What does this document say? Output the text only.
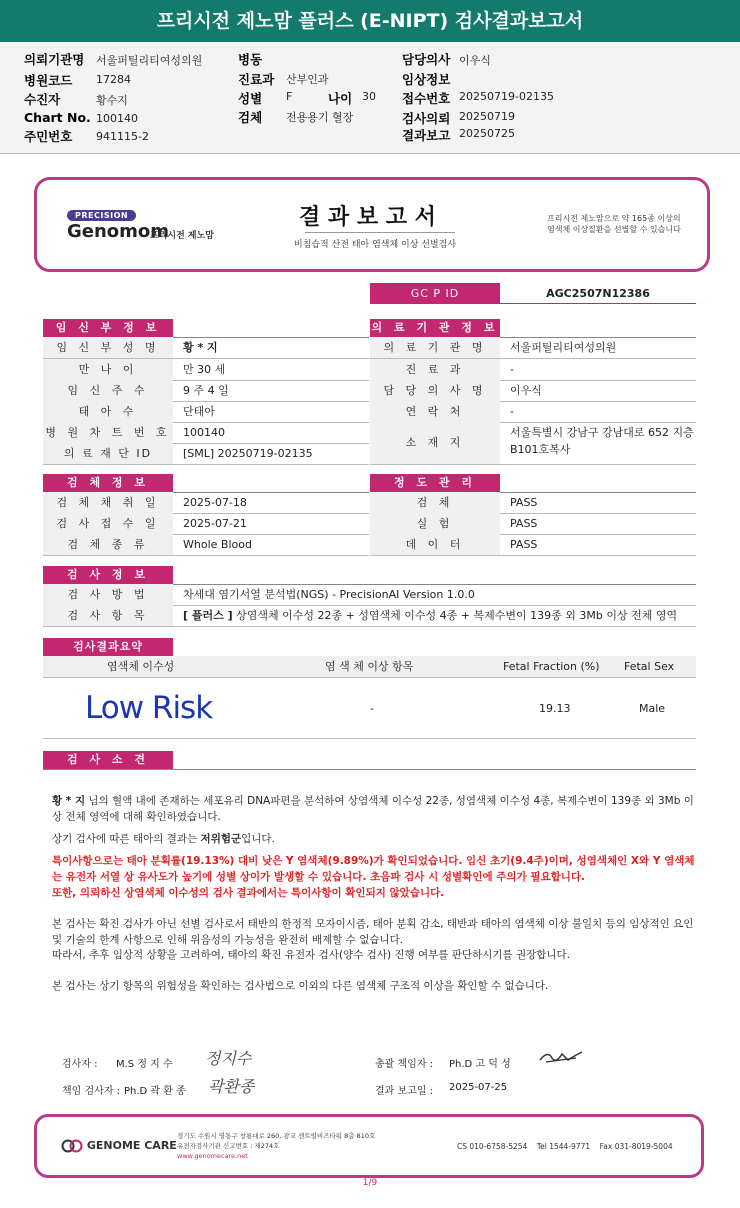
프리시전 제노맘 플러스 (E-NIPT) 검사결과보고서
의뢰기관명 서울퍼틸리티여성의원
병원코드 17284
수진자	황수지
Chart No. 100140
주민번호 941115-2
병동
진료과 산부인과
성별 F	나이 30
검체 전용용기 혈장
담당의사 이우식
임상정보
접수번호 20250719-02135
검사의뢰 20250719
결과보고 20250725
PRECISION
Genomom
프리시전 제노맘
결 과 보 고 서
비침습적 산전 태아 염색체 이상 선별검사
프리시전 제노맘으로 약 165종 이상의
염색체 이상질환을 선별할 수 있습니다
GC P ID	AGC2507N12386
임 신 부 정 보
임 신 부 성 명	황 * 지
만 나 이	만 30 세
임 신 주 수	9 주 4 일
태 아 수	단태아
병 원 차 트 번 호 100140
의 료 재 단 ID	[SML] 20250719-02135
의 료 기 관 정 보
의 료 기 관 명	서울퍼틸리티여성의원
진 료 과	-
담 당 의 사 명	이우식
연 락 처	-
소 재 지
서울특별시 강남구 강남대로 652 지층
B101호복사
검 체 정 보
검 체 채 취 일	2025-07-18
검 사 접 수 일	2025-07-21
검 체 종 류	Whole Blood
정 도 관 리
검 체	PASS
실 험	PASS
데 이 터	PASS
검 사 정 보
검 사 방 법	차세대 염기서열 분석법(NGS) - PrecisionAI Version 1.0.0
검 사 항 목	[ 플러스 ] 상염색체 이수성 22종 + 성염색체 이수성 4종 + 복제수변이 139종 외 3Mb 이상 전체 영역
검사결과요약
염색체 이수성	염 색 체 이상 항목	Fetal Fraction (%) Fetal Sex
Low Risk	-	19.13	Male
검 사 소 견
황 * 지 님의 혈액 내에 존재하는 세포유리 DNA파편을 분석하여 상염색체 이수성 22종, 성염색체 이수성 4종, 복제수변이 139종 외 3Mb 이상 전체 영역에 대해 확인하였습니다.
상기 검사에 따른 태아의 결과는 저위험군입니다.
특이사항으로는 태아 분획률(19.13%) 대비 낮은 Y 염색체(9.89%)가 확인되었습니다. 임신 초기(9.4주)이며, 성염색체인 X와 Y 염색체는 유전자 서열 상 유사도가 높기에 성별 상이가 발생할 수 있습니다. 초음파 검사 시 성별확인에 주의가 필요합니다.
또한, 의뢰하신 상염색체 이수성의 검사 결과에서는 특이사항이 확인되지 않았습니다.
본 검사는 확진 검사가 아닌 선별 검사로서 태반의 한정적 모자이시즘, 태아 분획 감소, 태반과 태아의 염색체 이상 불일치 등의 임상적인 요인 및 기술의 한계 사항으로 인해 위음성의 가능성을 완전히 배제할 수 없습니다.
따라서, 추후 임상적 상황을 고려하여, 태아의 확진 유전자 검사(양수 검사) 진행 여부를 판단하시기를 권장합니다.
본 검사는 상기 항목의 위험성을 확인하는 검사법으로 이외의 다른 염색체 구조적 이상을 확인할 수 없습니다.
검사자 : M.S 정 지 수 정지수
책임 검사자 : Ph.D 곽 환 종 곽환종
총괄 책임자 : Ph.D 고 덕 성
결과 보고일 : 2025-07-25
GENOME CARE
경기도 수원시 영통구 창룡대로 260, 광교 센트럴비즈타워 8층 810호
유전자검사기관 신고번호 : 제274호
www.genomecare.net
CS 010-6758-5254 Tel 1544-9771 Fax 031-8019-5004
1/9
